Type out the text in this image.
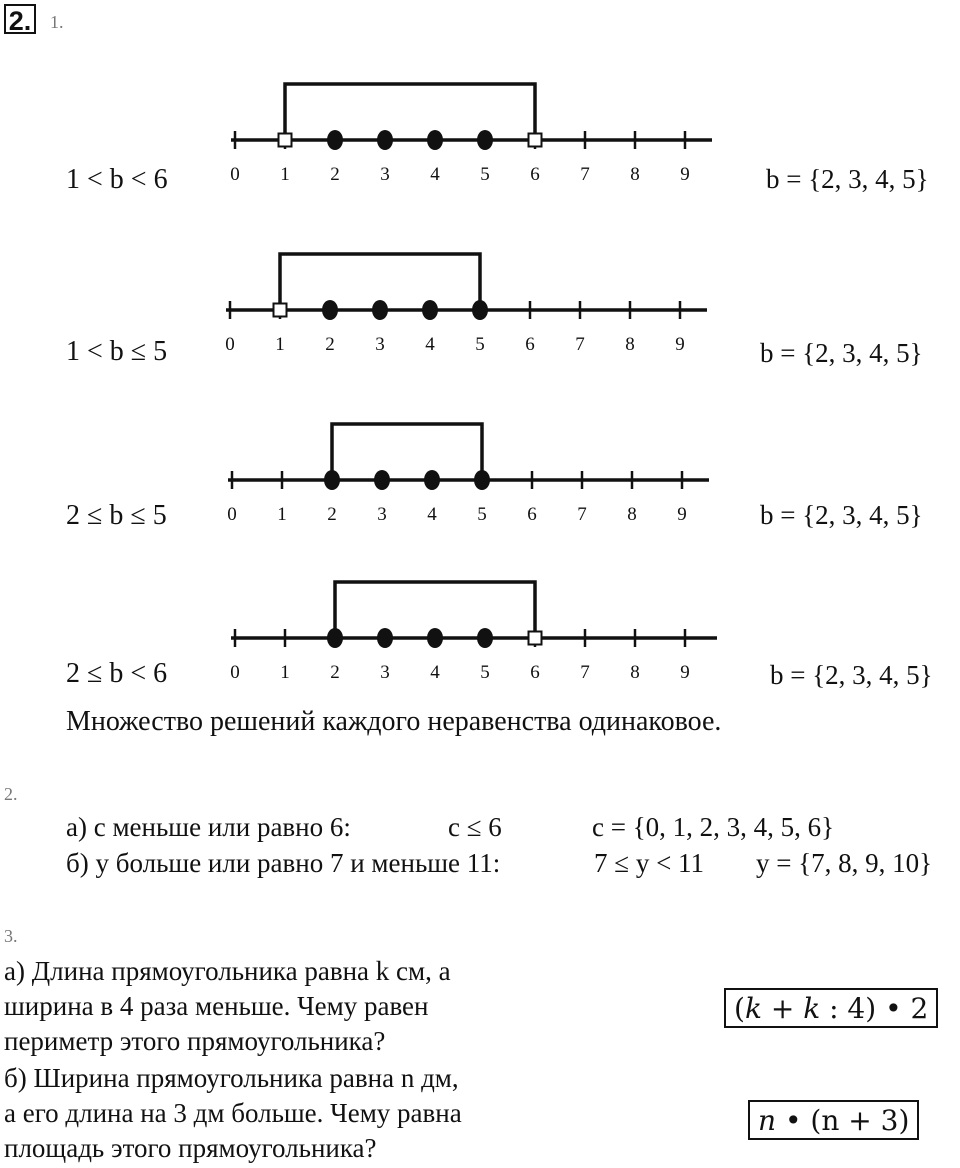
2. 1.
1 < b < 6	0 1 2 3 4 5 6 7 8 9	b = {2, 3, 4, 5}
1 < b ≤ 5	0 1 2 3 4 5 6 7 8 9	b = {2, 3, 4, 5}
2 ≤ b ≤ 5	0 1 2 3 4 5 6 7 8 9	b = {2, 3, 4, 5}
2 ≤ b < 6	0 1 2 3 4 5 6 7 8 9	b = {2, 3, 4, 5}
Множество решений каждого неравенства одинаковое.
2.
а) c меньше или равно 6:	c ≤ 6	c = {0, 1, 2, 3, 4, 5, 6}
б) y больше или равно 7 и меньше 11:	7 ≤ y < 11 y = {7, 8, 9, 10}
3.
а) Длина прямоугольника равна k см, а
ширина в 4 раза меньше. Чему равен
периметр этого прямоугольника?
б) Ширина прямоугольника равна n дм,
а его длина на 3 дм больше. Чему равна
площадь этого прямоугольника?
(k + k : 4) • 2
n • (n + 3)
